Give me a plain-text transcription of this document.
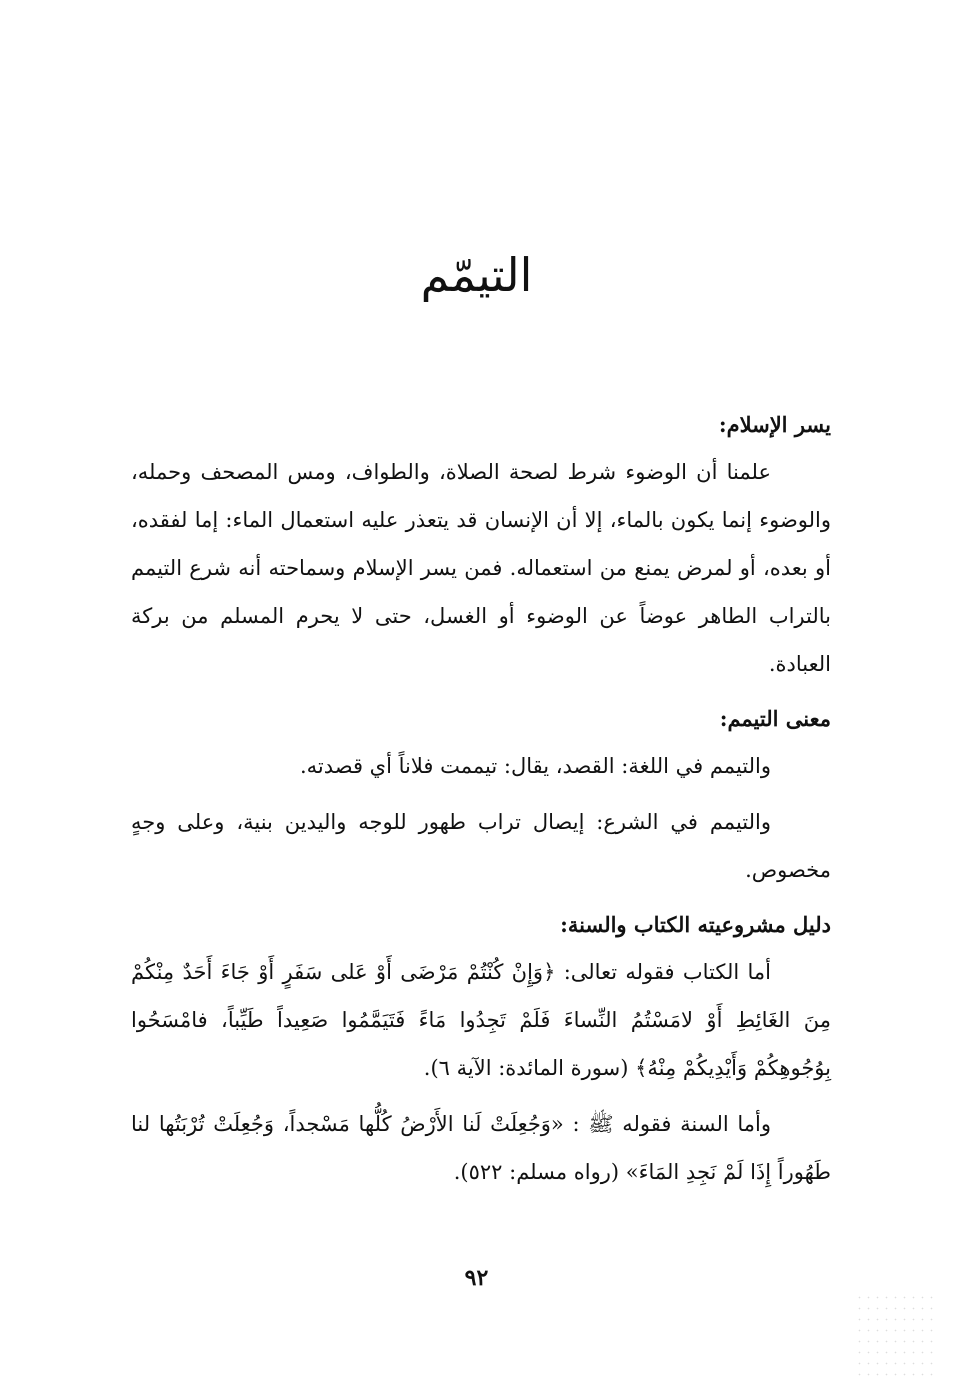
التيمّم

يسر الإسلام:

علمنا أن الوضوء شرط لصحة الصلاة، والطواف، ومس المصحف وحمله، والوضوء إنما يكون بالماء، إلا أن الإنسان قد يتعذر عليه استعمال الماء: إما لفقده، أو بعده، أو لمرض يمنع من استعماله. فمن يسر الإسلام وسماحته أنه شرع التيمم بالتراب الطاهر عوضاً عن الوضوء أو الغسل، حتى لا يحرم المسلم من بركة العبادة.

معنى التيمم:

والتيمم في اللغة: القصد، يقال: تيممت فلاناً أي قصدته.

والتيمم في الشرع: إيصال تراب طهور للوجه واليدين بنية، وعلى وجهٍ مخصوص.

دليل مشروعيته الكتاب والسنة:

أما الكتاب فقوله تعالى: ﴿وَإِنْ كُنْتُمْ مَرْضَى أَوْ عَلى سَفَرٍ أَوْ جَاءَ أَحَدٌ مِنْكُمْ مِنَ الغَائِطِ أَوْ لامَسْتُمُ النِّساءَ فَلَمْ تَجِدُوا مَاءً فَتَيَمَّمُوا صَعِيداً طَيِّباً، فامْسَحُوا بِوُجُوهِكُمْ وَأَيْدِيكُمْ مِنْهُ﴾ (سورة المائدة: الآية ٦).

وأما السنة فقوله ﷺ : «وَجُعِلَتْ لَنا الأَرْضُ كُلُّها مَسْجداً، وَجُعِلَتْ تُرْبَتُها لنا طَهُوراً إِذَا لَمْ نَجِدِ المَاءَ» (رواه مسلم: ٥٢٢).

٩٢
